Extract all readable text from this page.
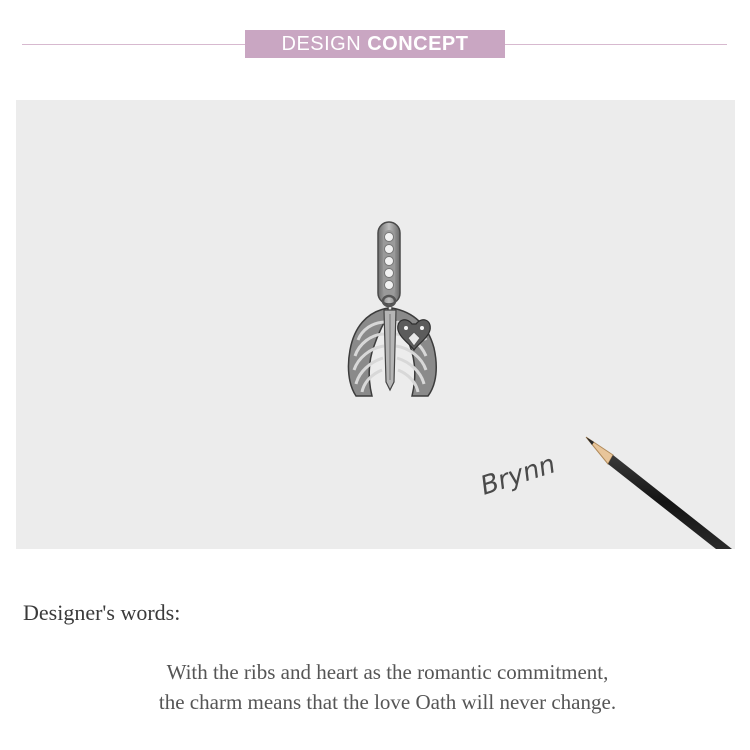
DESIGN CONCEPT
Brynn
Designer's words:
With the ribs and heart as the romantic commitment,
the charm means that the love Oath will never change.
